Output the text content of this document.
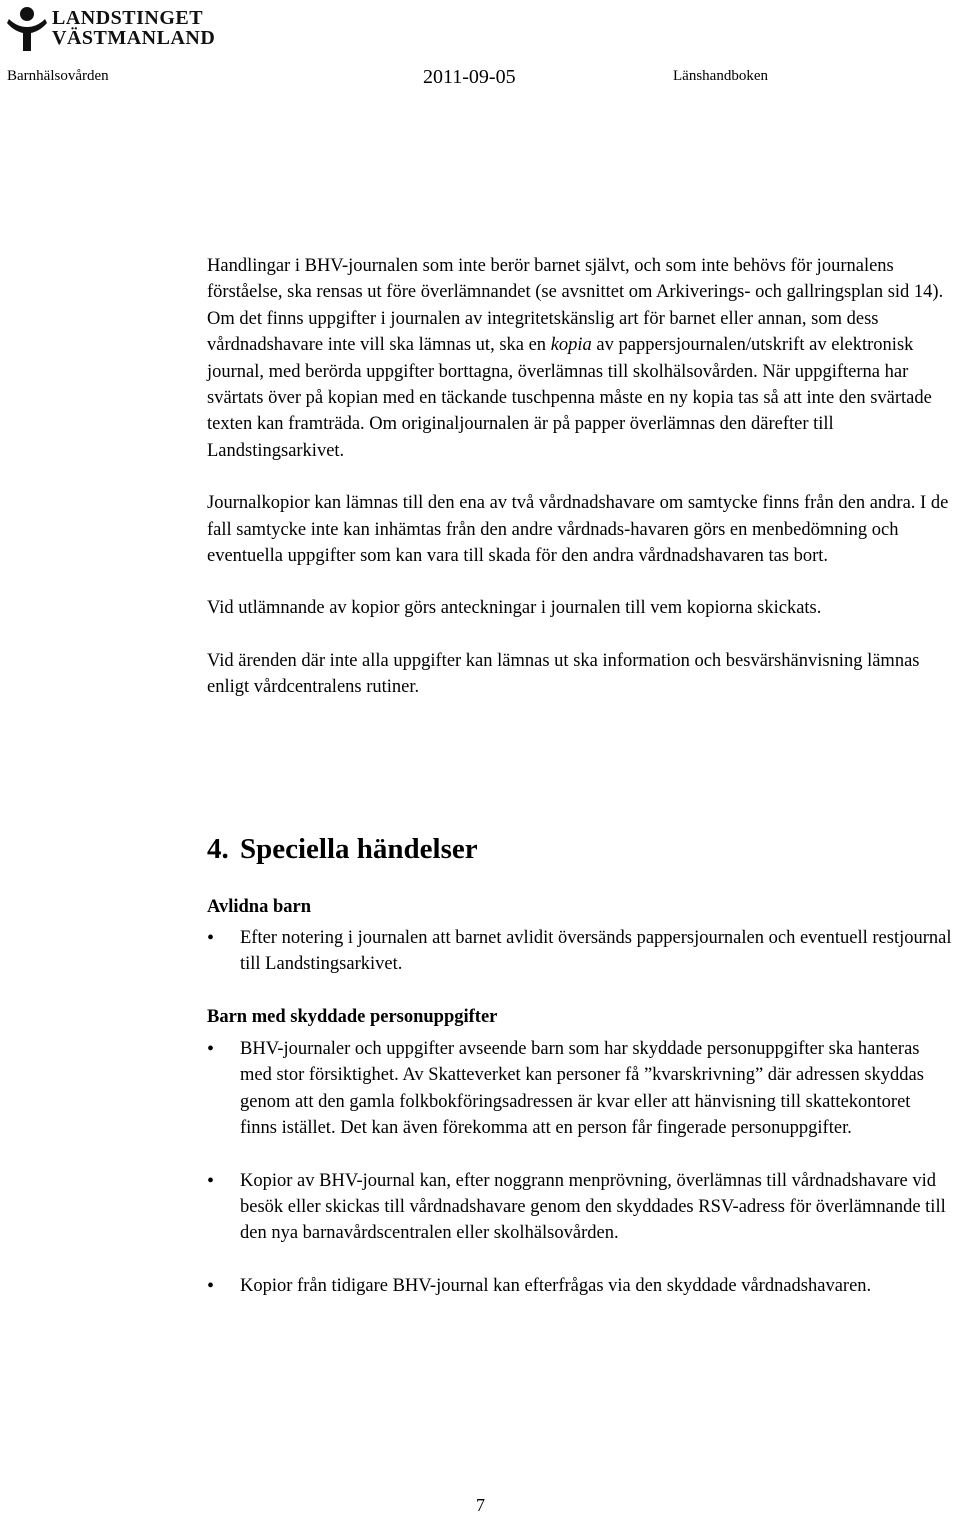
LANDSTINGET
VÄSTMANLAND
Barnhälsovården	2011-09-05	Länshandboken

Handlingar i BHV-journalen som inte berör barnet självt, och som inte behövs för journalens förståelse, ska rensas ut före överlämnandet (se avsnittet om Arkiverings- och gallringsplan sid 14). Om det finns uppgifter i journalen av integritetskänslig art för barnet eller annan, som dess vårdnadshavare inte vill ska lämnas ut, ska en kopia av pappersjournalen/utskrift av elektronisk journal, med berörda uppgifter borttagna, överlämnas till skolhälsovården. När uppgifterna har svärtats över på kopian med en täckande tuschpenna måste en ny kopia tas så att inte den svärtade texten kan framträda. Om originaljournalen är på papper överlämnas den därefter till Landstingsarkivet.

Journalkopior kan lämnas till den ena av två vårdnadshavare om samtycke finns från den andra. I de fall samtycke inte kan inhämtas från den andre vårdnads-havaren görs en menbedömning och eventuella uppgifter som kan vara till skada för den andra vårdnadshavaren tas bort.

Vid utlämnande av kopior görs anteckningar i journalen till vem kopiorna skickats.

Vid ärenden där inte alla uppgifter kan lämnas ut ska information och besvärshänvisning lämnas enligt vårdcentralens rutiner.

4. Speciella händelser
Avlidna barn
• Efter notering i journalen att barnet avlidit översänds pappersjournalen och eventuell restjournal till Landstingsarkivet.
Barn med skyddade personuppgifter
• BHV-journaler och uppgifter avseende barn som har skyddade personuppgifter ska hanteras med stor försiktighet. Av Skatteverket kan personer få ”kvarskrivning” där adressen skyddas genom att den gamla folkbokföringsadressen är kvar eller att hänvisning till skattekontoret finns istället. Det kan även förekomma att en person får fingerade personuppgifter.
• Kopior av BHV-journal kan, efter noggrann menprövning, överlämnas till vårdnadshavare vid besök eller skickas till vårdnadshavare genom den skyddades RSV-adress för överlämnande till den nya barnavårdscentralen eller skolhälsovården.
• Kopior från tidigare BHV-journal kan efterfrågas via den skyddade vårdnadshavaren.
7
